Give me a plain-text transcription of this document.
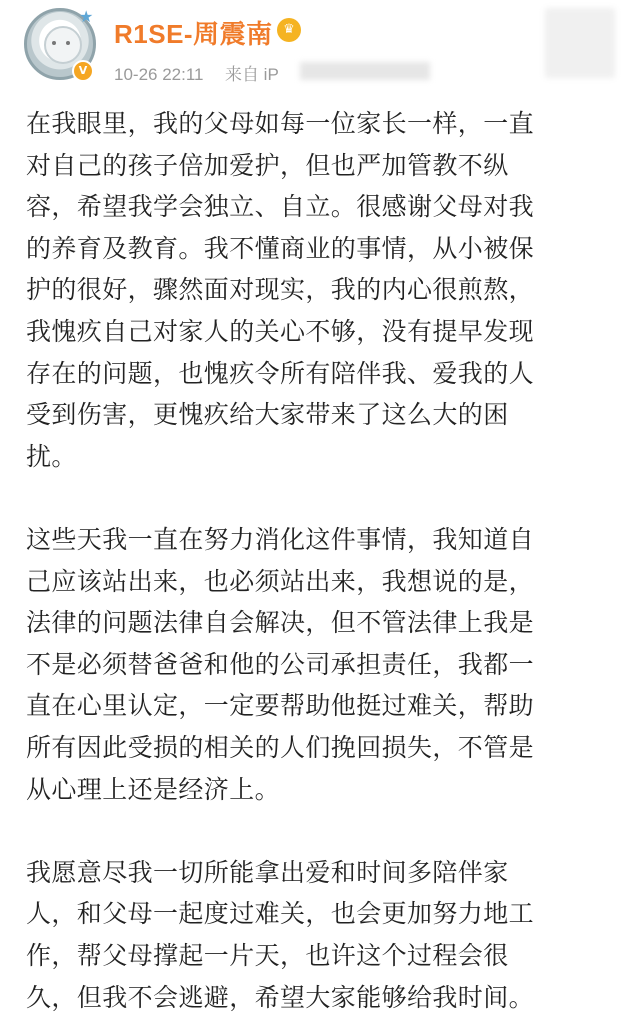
★
V
R1SE-周震南 ♛
10-26 22:11 来自 iP
在我眼里，我的父母如每一位家长一样，一直
对自己的孩子倍加爱护，但也严加管教不纵
容，希望我学会独立、自立。很感谢父母对我
的养育及教育。我不懂商业的事情，从小被保
护的很好，骤然面对现实，我的内心很煎熬，
我愧疚自己对家人的关心不够，没有提早发现
存在的问题，也愧疚令所有陪伴我、爱我的人
受到伤害，更愧疚给大家带来了这么大的困
扰。
这些天我一直在努力消化这件事情，我知道自
己应该站出来，也必须站出来，我想说的是，
法律的问题法律自会解决，但不管法律上我是
不是必须替爸爸和他的公司承担责任，我都一
直在心里认定，一定要帮助他挺过难关，帮助
所有因此受损的相关的人们挽回损失，不管是
从心理上还是经济上。
我愿意尽我一切所能拿出爱和时间多陪伴家
人，和父母一起度过难关，也会更加努力地工
作，帮父母撑起一片天，也许这个过程会很
久，但我不会逃避，希望大家能够给我时间。
